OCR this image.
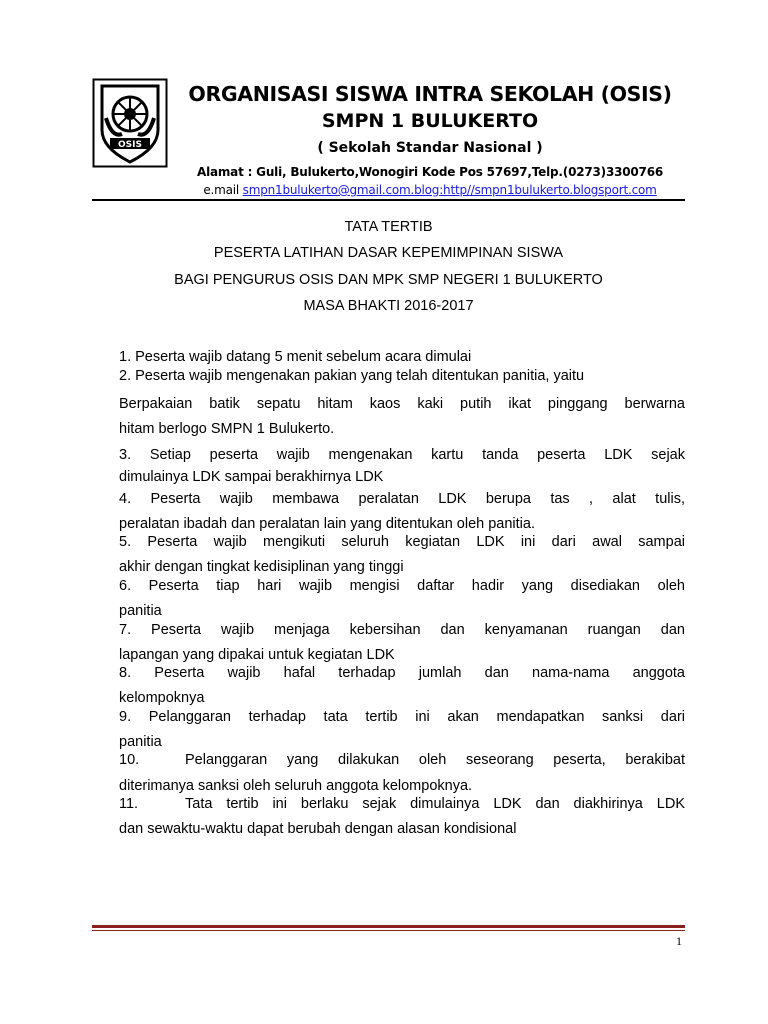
OSIS
ORGANISASI SISWA INTRA SEKOLAH (OSIS)
SMPN 1 BULUKERTO
( Sekolah Standar Nasional )
Alamat : Guli, Bulukerto,Wonogiri Kode Pos 57697,Telp.(0273)3300766
e.mail smpn1bulukerto@gmail.com.blog:http//smpn1bulukerto.blogsport.com
TATA TERTIB
PESERTA LATIHAN DASAR KEPEMIMPINAN SISWA
BAGI PENGURUS OSIS DAN MPK SMP NEGERI 1 BULUKERTO
MASA BHAKTI 2016-2017
1. Peserta wajib datang 5 menit sebelum acara dimulai
2. Peserta wajib mengenakan pakian yang telah ditentukan panitia, yaitu
Berpakaian batik sepatu hitam kaos kaki putih ikat pinggang berwarna
hitam berlogo SMPN 1 Bulukerto.
3. Setiap peserta wajib mengenakan kartu tanda peserta LDK sejak
dimulainya LDK sampai berakhirnya LDK
4. Peserta wajib membawa peralatan LDK berupa tas , alat tulis,
peralatan ibadah dan peralatan lain yang ditentukan oleh panitia.
5. Peserta wajib mengikuti seluruh kegiatan LDK ini dari awal sampai
akhir dengan tingkat kedisiplinan yang tinggi
6. Peserta tiap hari wajib mengisi daftar hadir yang disediakan oleh
panitia
7. Peserta wajib menjaga kebersihan dan kenyamanan ruangan dan
lapangan yang dipakai untuk kegiatan LDK
8. Peserta wajib hafal terhadap jumlah dan nama-nama anggota
kelompoknya
9. Pelanggaran terhadap tata tertib ini akan mendapatkan sanksi dari
panitia
10.	Pelanggaran yang dilakukan oleh seseorang peserta, berakibat
diterimanya sanksi oleh seluruh anggota kelompoknya.
11.	Tata tertib ini berlaku sejak dimulainya LDK dan diakhirinya LDK
dan sewaktu-waktu dapat berubah dengan alasan kondisional
1
